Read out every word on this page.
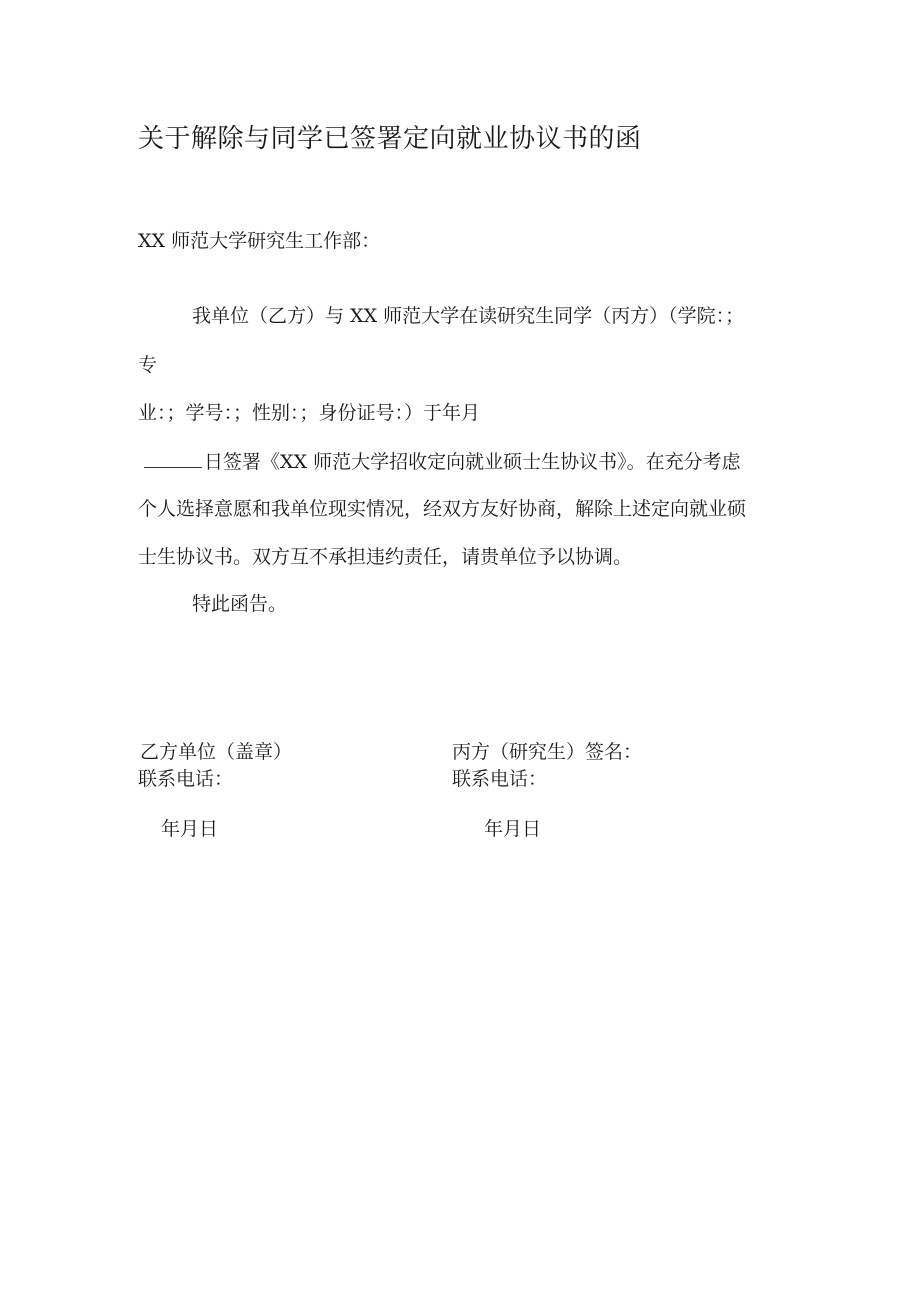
关于解除与同学已签署定向就业协议书的函
XX 师范大学研究生工作部：
我单位（乙方）与 XX 师范大学在读研究生同学（丙方）（学院：；
专
业：；学号：；性别：；身份证号：）于年月
日签署《XX 师范大学招收定向就业硕士生协议书》。在充分考虑
个人选择意愿和我单位现实情况，经双方友好协商，解除上述定向就业硕
士生协议书。双方互不承担违约责任，请贵单位予以协调。
特此函告。
乙方单位（盖章）
联系电话：
年月日
丙方（研究生）签名：
联系电话：
年月日
